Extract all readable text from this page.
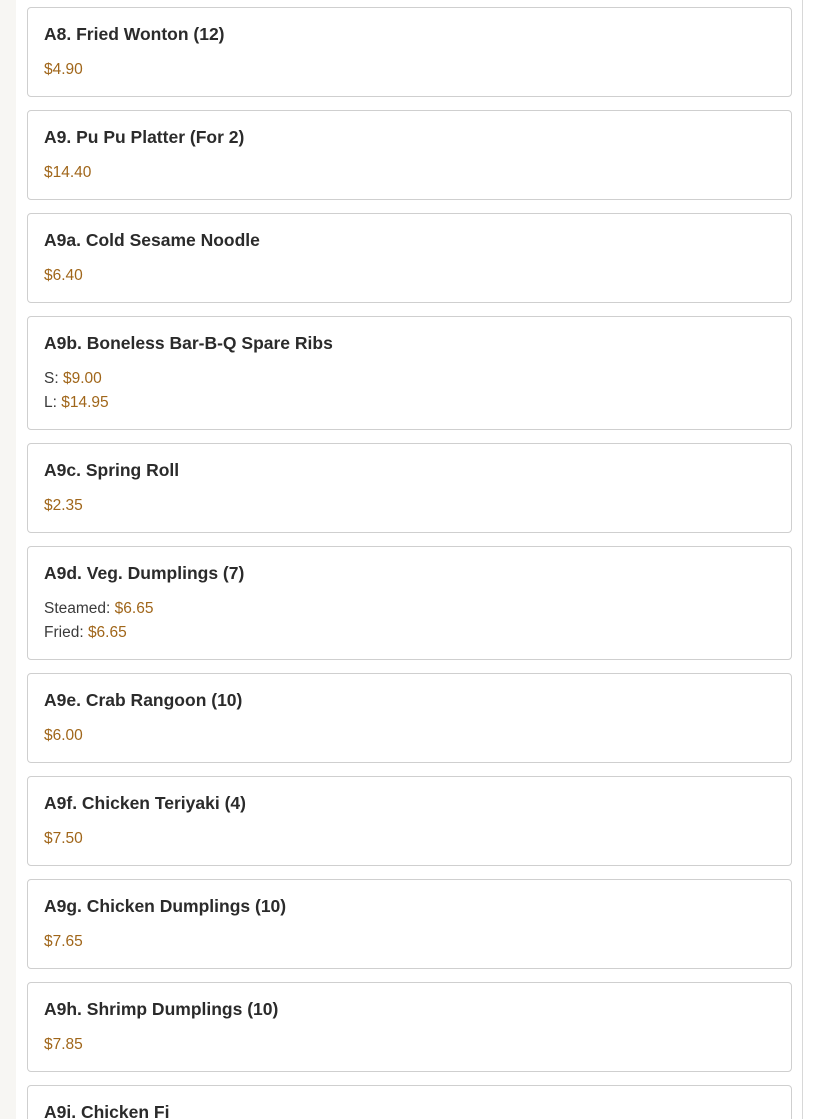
A8. Fried Wonton (12)
$4.90
A9. Pu Pu Platter (For 2)
$14.40
A9a. Cold Sesame Noodle
$6.40
A9b. Boneless Bar-B-Q Spare Ribs
S: $9.00
L: $14.95
A9c. Spring Roll
$2.35
A9d. Veg. Dumplings (7)
Steamed: $6.65
Fried: $6.65
A9e. Crab Rangoon (10)
$6.00
A9f. Chicken Teriyaki (4)
$7.50
A9g. Chicken Dumplings (10)
$7.65
A9h. Shrimp Dumplings (10)
$7.85
A9i. Chicken Fi
